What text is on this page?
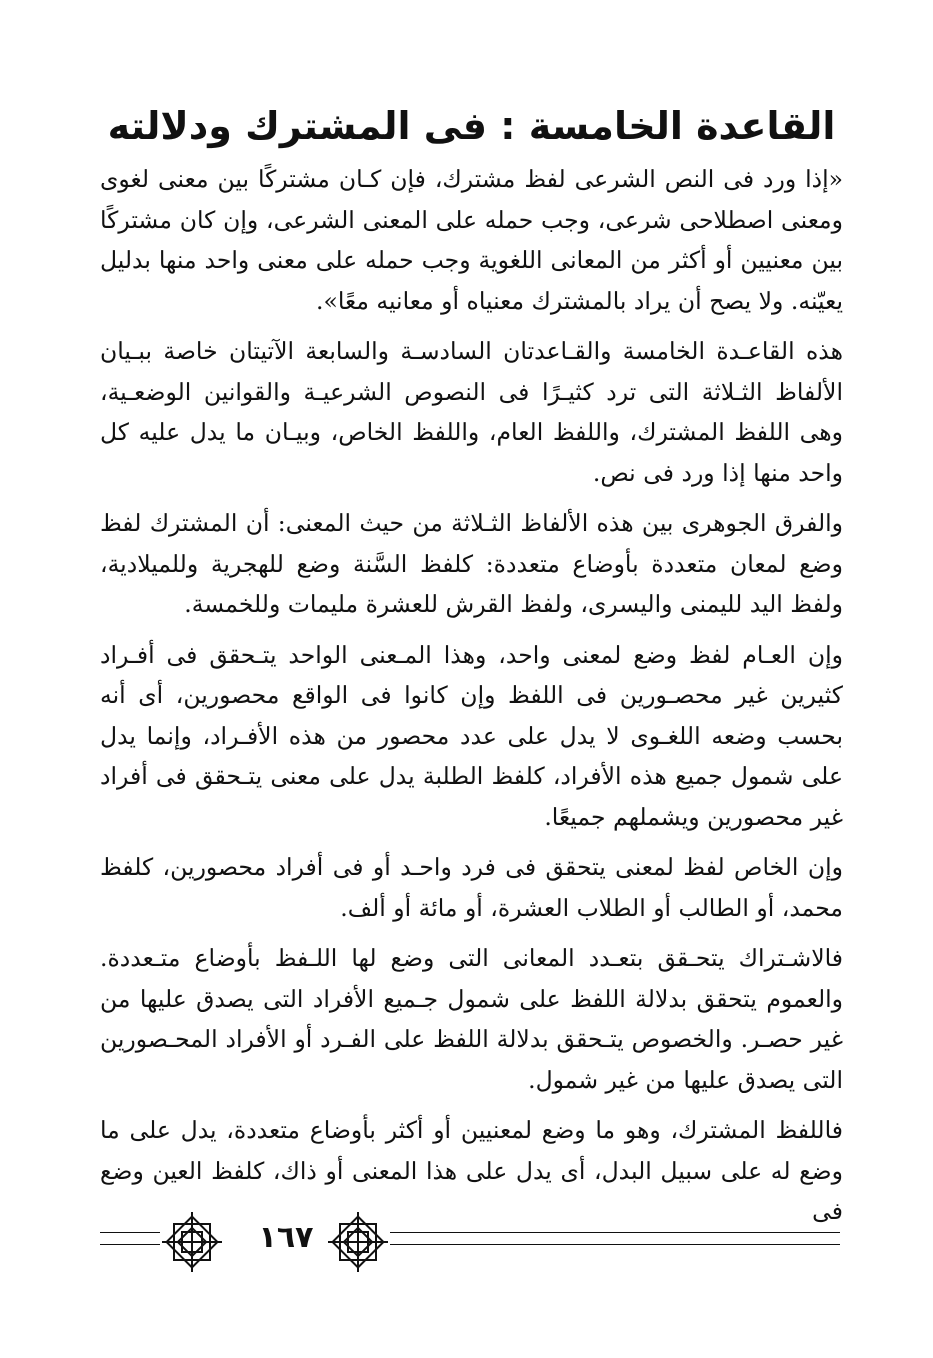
القاعدة الخامسة : فى المشترك ودلالته

«إذا ورد فى النص الشرعى لفظ مشترك، فإن كـان مشتركًا بين معنى لغوى ومعنى اصطلاحى شرعى، وجب حمله على المعنى الشرعى، وإن كان مشتركًا بين معنيين أو أكثر من المعانى اللغوية وجب حمله على معنى واحد منها بدليل يعيّنه. ولا يصح أن يراد بالمشترك معنياه أو معانيه معًا».

هذه القاعـدة الخامسة والقـاعدتان السادسـة والسابعة الآتيتان خاصة ببـيان الألفاظ الثـلاثة التى ترد كثيـرًا فى النصوص الشرعيـة والقوانين الوضعـية، وهى اللفظ المشترك، واللفظ العام، واللفظ الخاص، وبيـان ما يدل عليه كل واحد منها إذا ورد فى نص.

والفرق الجوهرى بين هذه الألفاظ الثـلاثة من حيث المعنى: أن المشترك لفظ وضع لمعان متعددة بأوضاع متعددة: كلفظ السَّنة وضع للهجرية وللميلادية، ولفظ اليد لليمنى واليسرى، ولفظ القرش للعشرة مليمات وللخمسة.

وإن العـام لفظ وضع لمعنى واحد، وهذا المـعنى الواحد يتـحقق فى أفـراد كثيرين غير محصـورين فى اللفظ وإن كانوا فى الواقع محصورين، أى أنه بحسب وضعه اللغـوى لا يدل على عدد محصور من هذه الأفـراد، وإنما يدل على شمول جميع هذه الأفراد، كلفظ الطلبة يدل على معنى يتـحقق فى أفراد غير محصورين ويشملهم جميعًا.

وإن الخاص لفظ لمعنى يتحقق فى فرد واحـد أو فى أفراد محصورين، كلفظ محمد، أو الطالب أو الطلاب العشرة، أو مائة أو ألف.

فالاشـتراك يتحـقق بتعـدد المعانى التى وضع لها اللـفظ بأوضاع متـعددة. والعموم يتحقق بدلالة اللفظ على شمول جـميع الأفراد التى يصدق عليها من غير حصـر. والخصوص يتـحقق بدلالة اللفظ على الفـرد أو الأفراد المحـصورين التى يصدق عليها من غير شمول.

فاللفظ المشترك، وهو ما وضع لمعنيين أو أكثر بأوضاع متعددة، يدل على ما وضع له على سبيل البدل، أى يدل على هذا المعنى أو ذاك، كلفظ العين وضع فى

١٦٧
